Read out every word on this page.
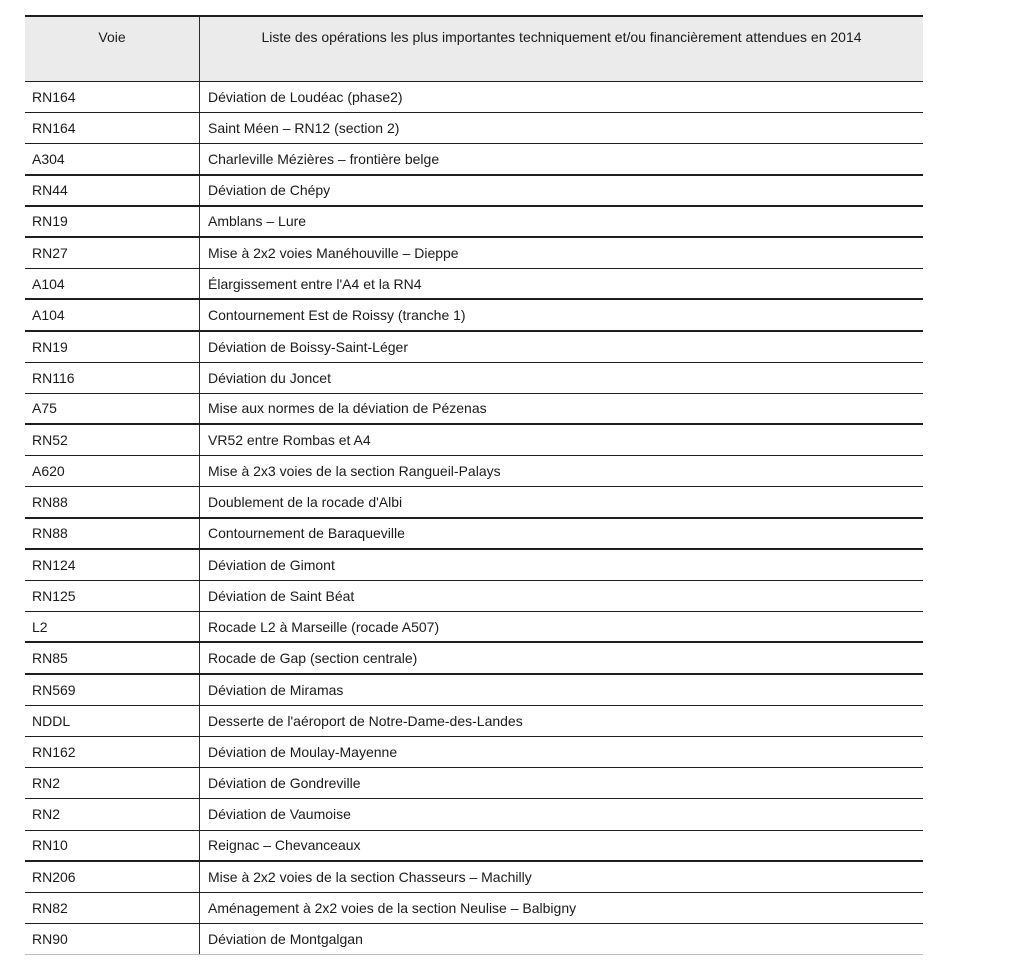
Voie	Liste des opérations les plus importantes techniquement et/ou financièrement attendues en 2014
RN164	Déviation de Loudéac (phase2)
RN164	Saint Méen – RN12 (section 2)
A304	Charleville Mézières – frontière belge
RN44	Déviation de Chépy
RN19	Amblans – Lure
RN27	Mise à 2x2 voies Manéhouville – Dieppe
A104	Élargissement entre l'A4 et la RN4
A104	Contournement Est de Roissy (tranche 1)
RN19	Déviation de Boissy-Saint-Léger
RN116	Déviation du Joncet
A75	Mise aux normes de la déviation de Pézenas
RN52	VR52 entre Rombas et A4
A620	Mise à 2x3 voies de la section Rangueil-Palays
RN88	Doublement de la rocade d'Albi
RN88	Contournement de Baraqueville
RN124	Déviation de Gimont
RN125	Déviation de Saint Béat
L2	Rocade L2 à Marseille (rocade A507)
RN85	Rocade de Gap (section centrale)
RN569	Déviation de Miramas
NDDL	Desserte de l'aéroport de Notre-Dame-des-Landes
RN162	Déviation de Moulay-Mayenne
RN2	Déviation de Gondreville
RN2	Déviation de Vaumoise
RN10	Reignac – Chevanceaux
RN206	Mise à 2x2 voies de la section Chasseurs – Machilly
RN82	Aménagement à 2x2 voies de la section Neulise – Balbigny
RN90	Déviation de Montgalgan
